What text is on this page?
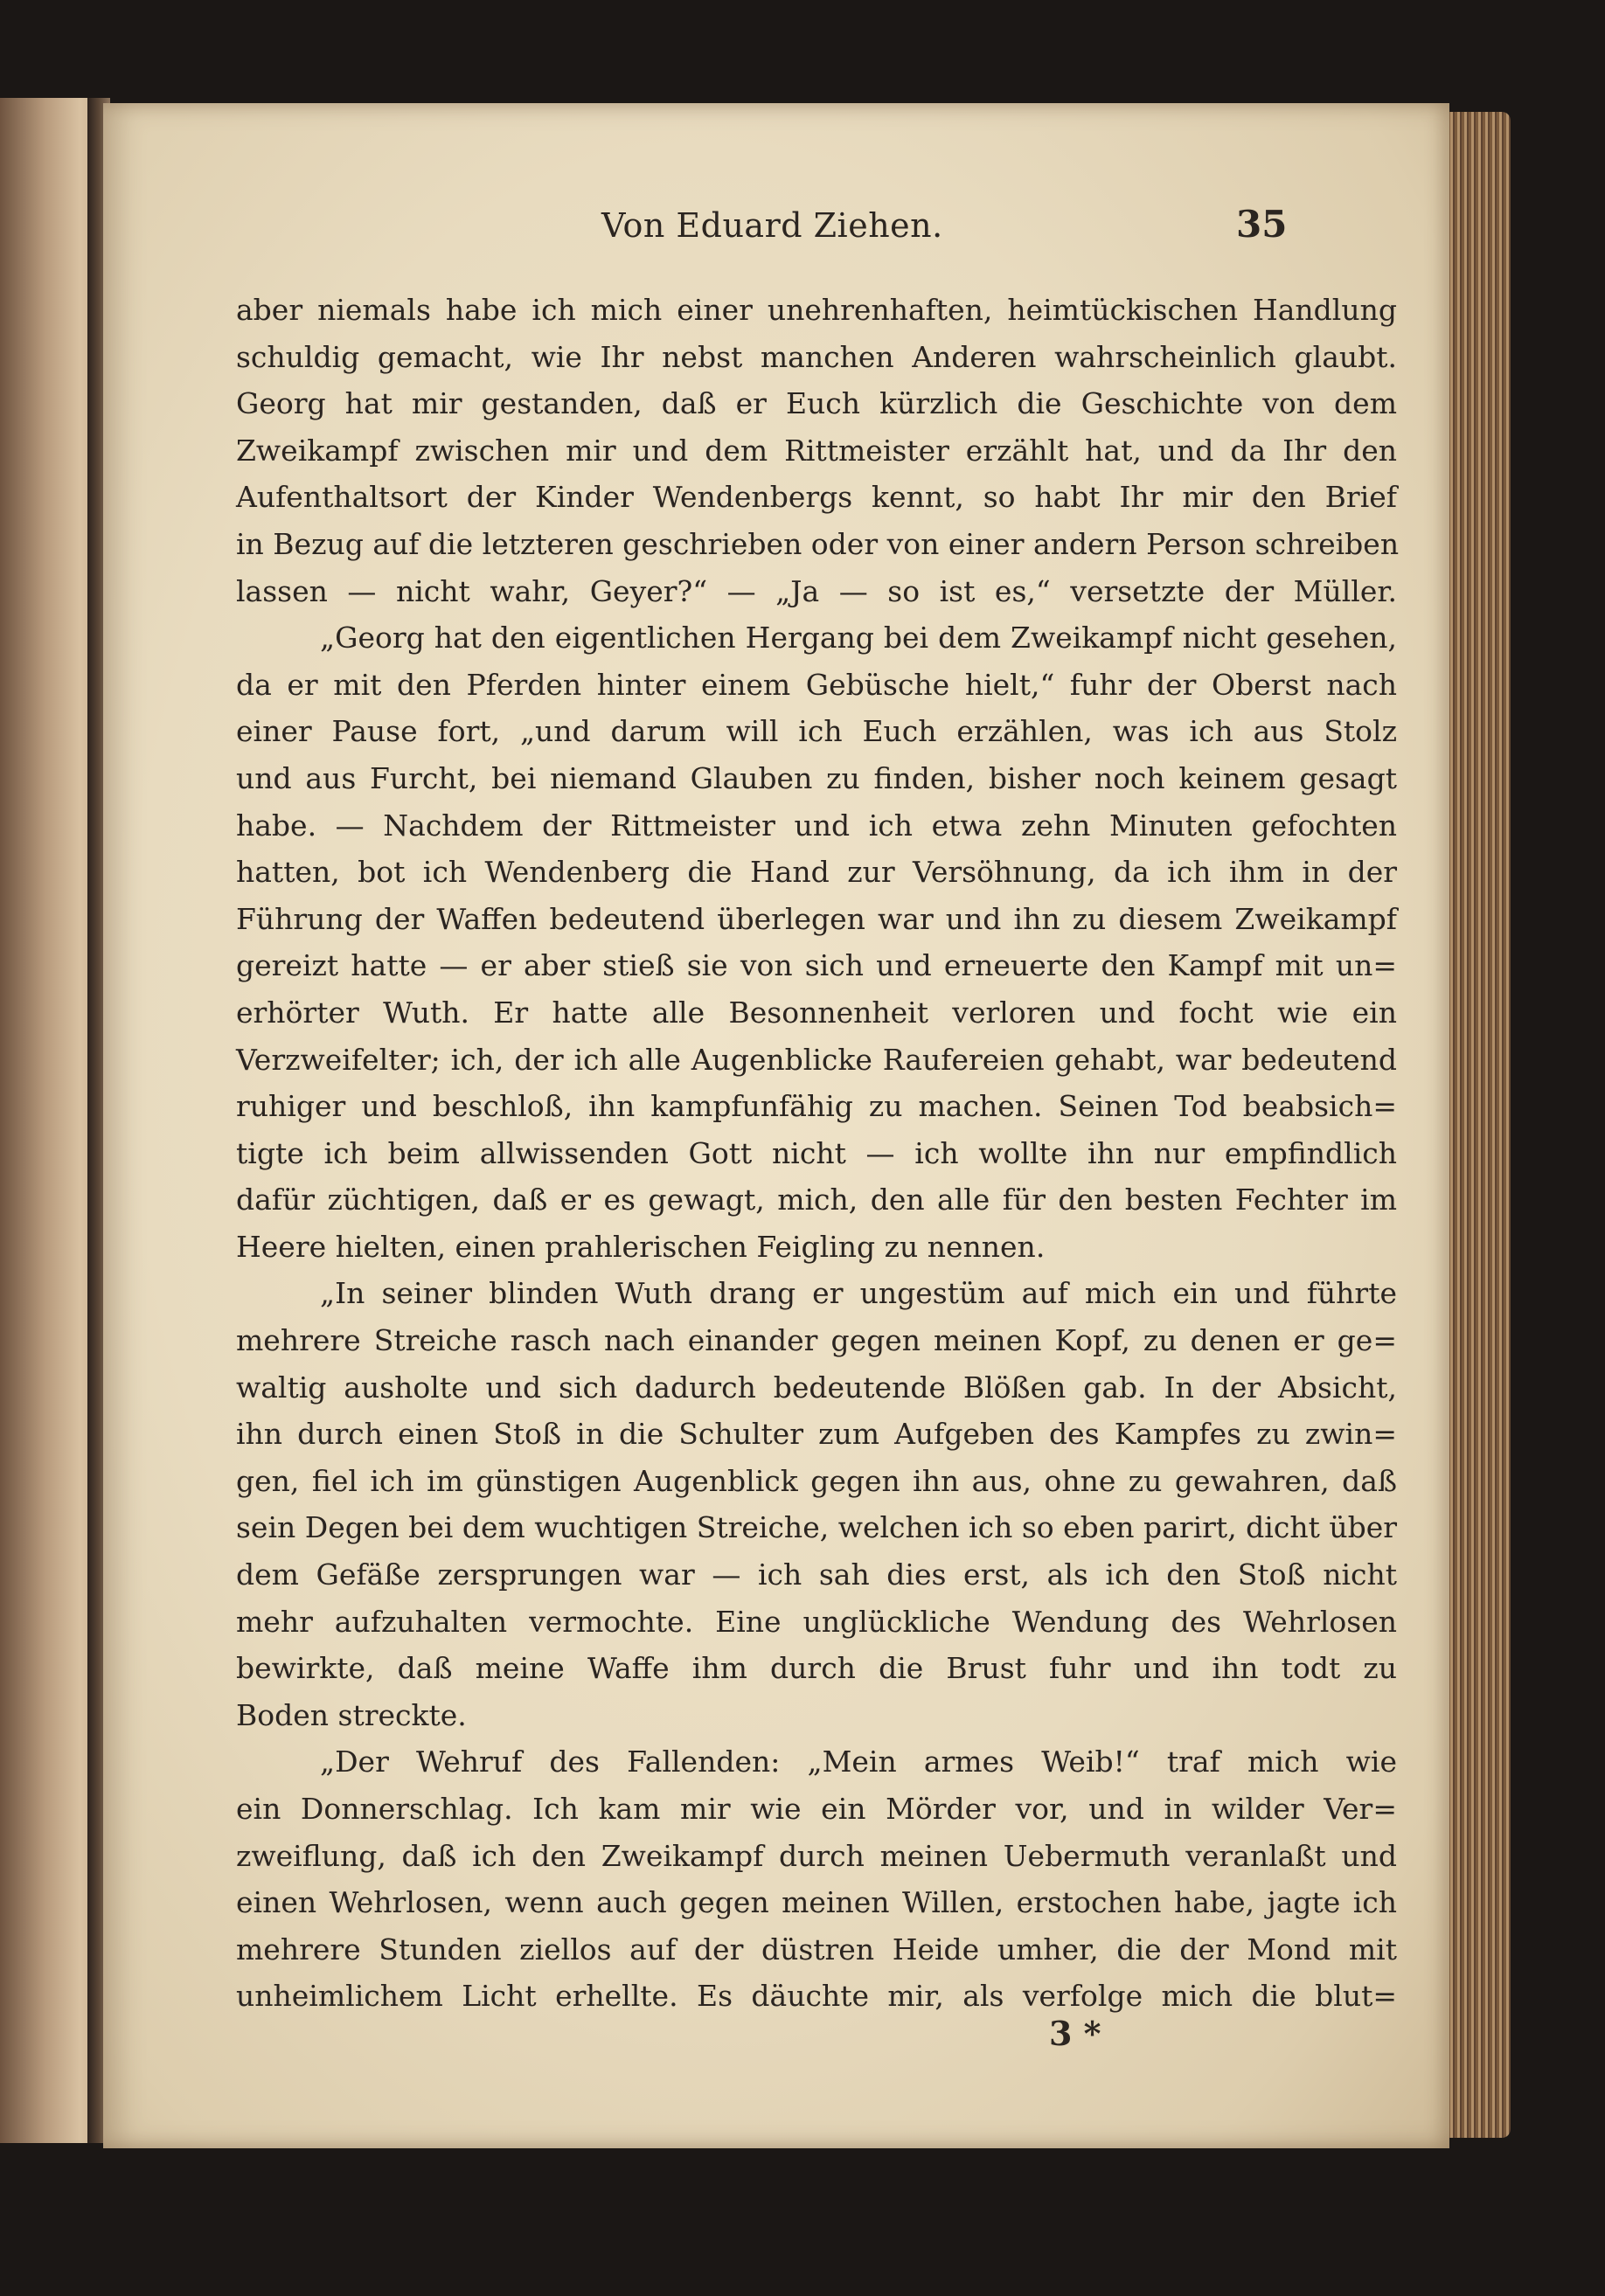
Von Eduard Ziehen.	35
aber niemals habe ich mich einer unehrenhaften, heimtückischen Handlung
schuldig gemacht, wie Ihr nebst manchen Anderen wahrscheinlich glaubt.
Georg hat mir gestanden, daß er Euch kürzlich die Geschichte von dem
Zweikampf zwischen mir und dem Rittmeister erzählt hat, und da Ihr den
Aufenthaltsort der Kinder Wendenbergs kennt, so habt Ihr mir den Brief
in Bezug auf die letzteren geschrieben oder von einer andern Person schreiben
lassen — nicht wahr, Geyer?“ — „Ja — so ist es,“ versetzte der Müller.
„Georg hat den eigentlichen Hergang bei dem Zweikampf nicht gesehen,
da er mit den Pferden hinter einem Gebüsche hielt,“ fuhr der Oberst nach
einer Pause fort, „und darum will ich Euch erzählen, was ich aus Stolz
und aus Furcht, bei niemand Glauben zu finden, bisher noch keinem gesagt
habe. — Nachdem der Rittmeister und ich etwa zehn Minuten gefochten
hatten, bot ich Wendenberg die Hand zur Versöhnung, da ich ihm in der
Führung der Waffen bedeutend überlegen war und ihn zu diesem Zweikampf
gereizt hatte — er aber stieß sie von sich und erneuerte den Kampf mit un=
erhörter Wuth. Er hatte alle Besonnenheit verloren und focht wie ein
Verzweifelter; ich, der ich alle Augenblicke Raufereien gehabt, war bedeutend
ruhiger und beschloß, ihn kampfunfähig zu machen. Seinen Tod beabsich=
tigte ich beim allwissenden Gott nicht — ich wollte ihn nur empfindlich
dafür züchtigen, daß er es gewagt, mich, den alle für den besten Fechter im
Heere hielten, einen prahlerischen Feigling zu nennen.
„In seiner blinden Wuth drang er ungestüm auf mich ein und führte
mehrere Streiche rasch nach einander gegen meinen Kopf, zu denen er ge=
waltig ausholte und sich dadurch bedeutende Blößen gab. In der Absicht,
ihn durch einen Stoß in die Schulter zum Aufgeben des Kampfes zu zwin=
gen, fiel ich im günstigen Augenblick gegen ihn aus, ohne zu gewahren, daß
sein Degen bei dem wuchtigen Streiche, welchen ich so eben parirt, dicht über
dem Gefäße zersprungen war — ich sah dies erst, als ich den Stoß nicht
mehr aufzuhalten vermochte. Eine unglückliche Wendung des Wehrlosen
bewirkte, daß meine Waffe ihm durch die Brust fuhr und ihn todt zu
Boden streckte.
„Der Wehruf des Fallenden: „Mein armes Weib!“ traf mich wie
ein Donnerschlag. Ich kam mir wie ein Mörder vor, und in wilder Ver=
zweiflung, daß ich den Zweikampf durch meinen Uebermuth veranlaßt und
einen Wehrlosen, wenn auch gegen meinen Willen, erstochen habe, jagte ich
mehrere Stunden ziellos auf der düstren Heide umher, die der Mond mit
unheimlichem Licht erhellte. Es däuchte mir, als verfolge mich die blut=
3 *
